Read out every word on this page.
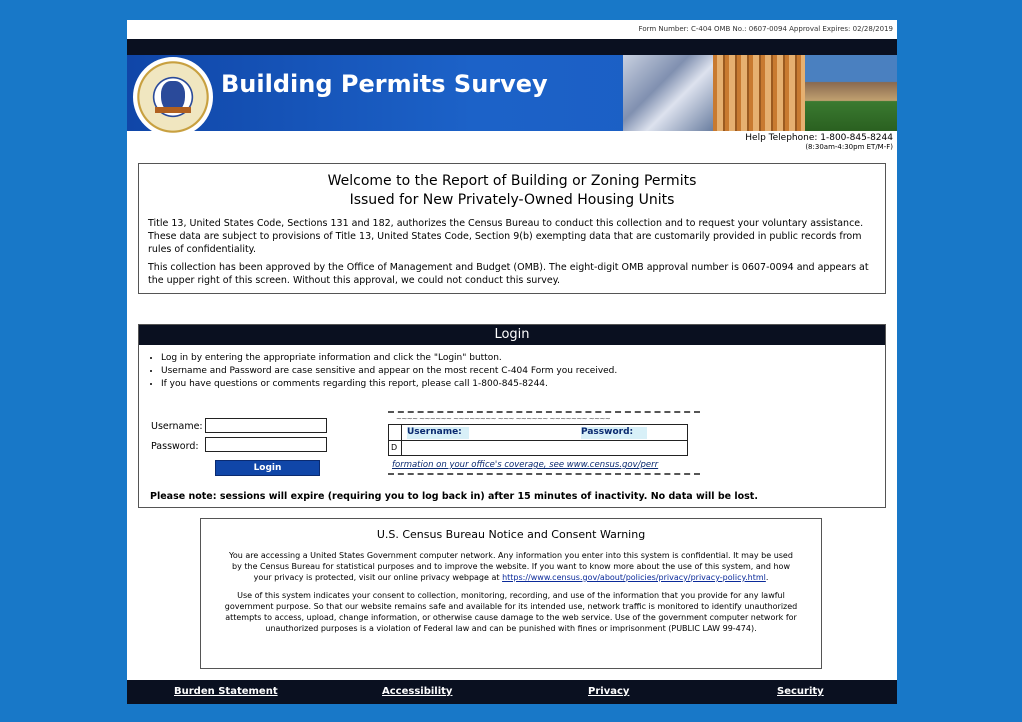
Form Number: C-404 OMB No.: 0607-0094 Approval Expires: 02/28/2019
Building Permits Survey
Help Telephone: 1-800-845-8244
(8:30am-4:30pm ET/M-F)
Welcome to the Report of Building or Zoning Permits
Issued for New Privately-Owned Housing Units

Title 13, United States Code, Sections 131 and 182, authorizes the Census Bureau to conduct this collection and to request your voluntary assistance. These data are subject to provisions of Title 13, United States Code, Section 9(b) exempting data that are customarily provided in public records from rules of confidentiality.

This collection has been approved by the Office of Management and Budget (OMB). The eight-digit OMB approval number is 0607-0094 and appears at the upper right of this screen. Without this approval, we could not conduct this survey.

Login
• Log in by entering the appropriate information and click the "Login" button.
• Username and Password are case sensitive and appear on the most recent C-404 Form you received.
• If you have questions or comments regarding this report, please call 1-800-845-8244.
Username:
Password:
Login
~~~~ ~~~~~~ ~~~~~~~~ ~~~ ~~~~~~ ~~~~~~~ ~~~~
Username:	Password:
D
formation on your office's coverage, see www.census.gov/perr
Please note: sessions will expire (requiring you to log back in) after 15 minutes of inactivity. No data will be lost.
U.S. Census Bureau Notice and Consent Warning

You are accessing a United States Government computer network. Any information you enter into this system is confidential. It may be used by the Census Bureau for statistical purposes and to improve the website. If you want to know more about the use of this system, and how your privacy is protected, visit our online privacy webpage at https://www.census.gov/about/policies/privacy/privacy-policy.html.

Use of this system indicates your consent to collection, monitoring, recording, and use of the information that you provide for any lawful government purpose. So that our website remains safe and available for its intended use, network traffic is monitored to identify unauthorized attempts to access, upload, change information, or otherwise cause damage to the web service. Use of the government computer network for unauthorized purposes is a violation of Federal law and can be punished with fines or imprisonment (PUBLIC LAW 99-474).

Burden Statement	Accessibility	Privacy	Security
